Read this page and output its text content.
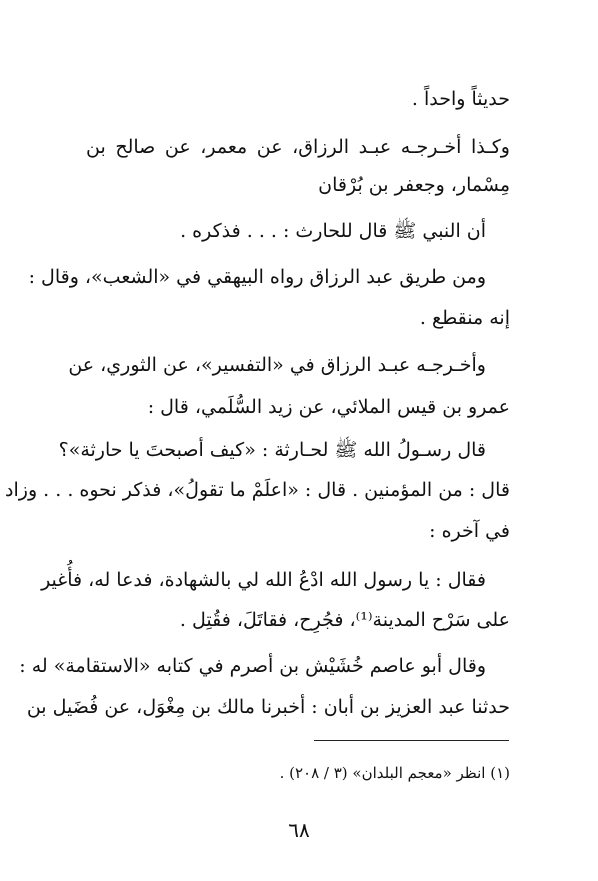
حديثاً واحداً .
وكـذا أخـرجـه عبـد الرزاق، عن معمر، عن صالح بن
مِسْمار، وجعفر بن بُرْقان
أن النبي ﷺ قال للحارث : . . . فذكره .
ومن طريق عبد الرزاق رواه البيهقي في «الشعب»، وقال :
إنه منقطع .
وأخـرجـه عبـد الرزاق في «التفسير»، عن الثوري، عن
عمرو بن قيس الملائي، عن زيد السُّلَمي، قال :
قال رسـولُ الله ﷺ لحـارثة : «كيف أصبحتَ يا حارثة»؟
قال : من المؤمنين . قال : «اعلَمْ ما تقولُ»، فذكر نحوه . . . وزاد
في آخره :
فقال : يا رسول الله ادْعُ الله لي بالشهادة، فدعا له، فأُغير
على سَرْح المدينة⁽¹⁾، فجُرِح، فقاتَلَ، فقُتِل .
وقال أبو عاصم خُشَيْش بن أصرم في كتابه «الاستقامة» له :
حدثنا عبد العزيز بن أبان : أخبرنا مالك بن مِغْوَل، عن فُضَيل بن
(١) انظر «معجم البلدان» (٣ / ٢٠٨) .
٦٨
